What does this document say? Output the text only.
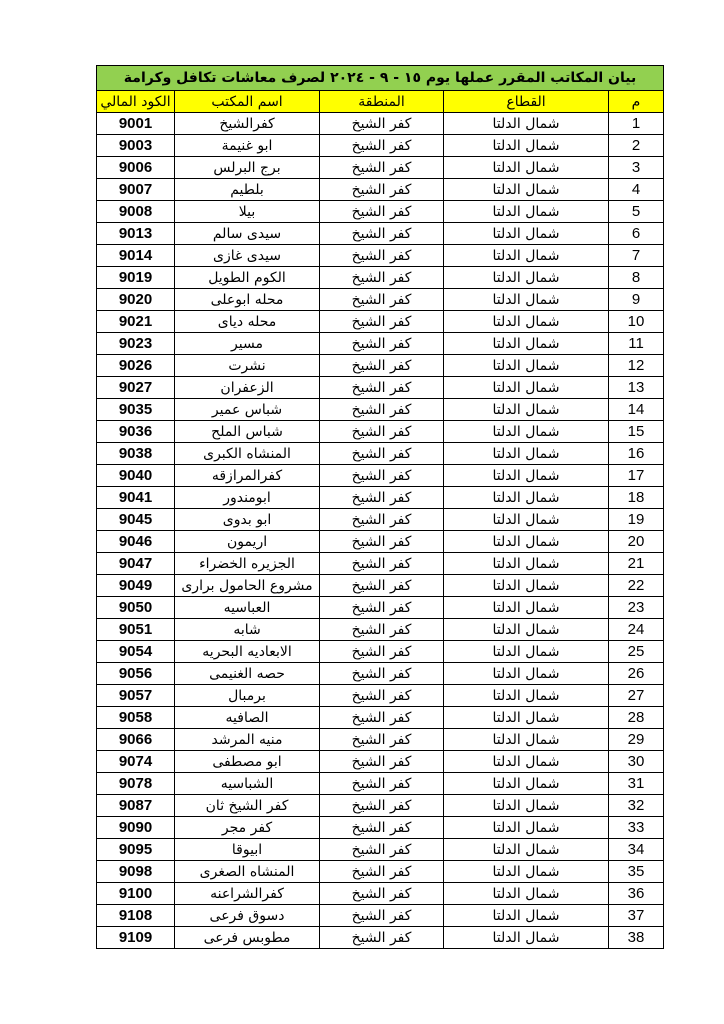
بيان المكاتب المقرر عملها يوم ١٥ - ٩ - ٢٠٢٤ لصرف معاشات تكافل وكرامة				
م	القطاع	المنطقة	اسم المكتب	الكود المالي
1	شمال الدلتا	كفر الشيخ	كفرالشيخ	9001
2	شمال الدلتا	كفر الشيخ	ابو غنيمة	9003
3	شمال الدلتا	كفر الشيخ	برج البرلس	9006
4	شمال الدلتا	كفر الشيخ	بلطيم	9007
5	شمال الدلتا	كفر الشيخ	بيلا	9008
6	شمال الدلتا	كفر الشيخ	سيدى سالم	9013
7	شمال الدلتا	كفر الشيخ	سيدى غازى	9014
8	شمال الدلتا	كفر الشيخ	الكوم الطويل	9019
9	شمال الدلتا	كفر الشيخ	محله ابوعلى	9020
10	شمال الدلتا	كفر الشيخ	محله دياى	9021
11	شمال الدلتا	كفر الشيخ	مسير	9023
12	شمال الدلتا	كفر الشيخ	نشرت	9026
13	شمال الدلتا	كفر الشيخ	الزعفران	9027
14	شمال الدلتا	كفر الشيخ	شباس عمير	9035
15	شمال الدلتا	كفر الشيخ	شباس الملح	9036
16	شمال الدلتا	كفر الشيخ	المنشاه الكبرى	9038
17	شمال الدلتا	كفر الشيخ	كفرالمرازقه	9040
18	شمال الدلتا	كفر الشيخ	ابومندور	9041
19	شمال الدلتا	كفر الشيخ	ابو بدوى	9045
20	شمال الدلتا	كفر الشيخ	اريمون	9046
21	شمال الدلتا	كفر الشيخ	الجزيره الخضراء	9047
22	شمال الدلتا	كفر الشيخ	مشروع الحامول برارى	9049
23	شمال الدلتا	كفر الشيخ	العباسيه	9050
24	شمال الدلتا	كفر الشيخ	شابه	9051
25	شمال الدلتا	كفر الشيخ	الابعاديه البحريه	9054
26	شمال الدلتا	كفر الشيخ	حصه الغنيمى	9056
27	شمال الدلتا	كفر الشيخ	برمبال	9057
28	شمال الدلتا	كفر الشيخ	الصافيه	9058
29	شمال الدلتا	كفر الشيخ	منيه المرشد	9066
30	شمال الدلتا	كفر الشيخ	ابو مصطفى	9074
31	شمال الدلتا	كفر الشيخ	الشباسيه	9078
32	شمال الدلتا	كفر الشيخ	كفر الشيخ ثان	9087
33	شمال الدلتا	كفر الشيخ	كفر مجر	9090
34	شمال الدلتا	كفر الشيخ	ابيوقا	9095
35	شمال الدلتا	كفر الشيخ	المنشاه الصغرى	9098
36	شمال الدلتا	كفر الشيخ	كفرالشراعنه	9100
37	شمال الدلتا	كفر الشيخ	دسوق فرعى	9108
38	شمال الدلتا	كفر الشيخ	مطوبس فرعى	9109
